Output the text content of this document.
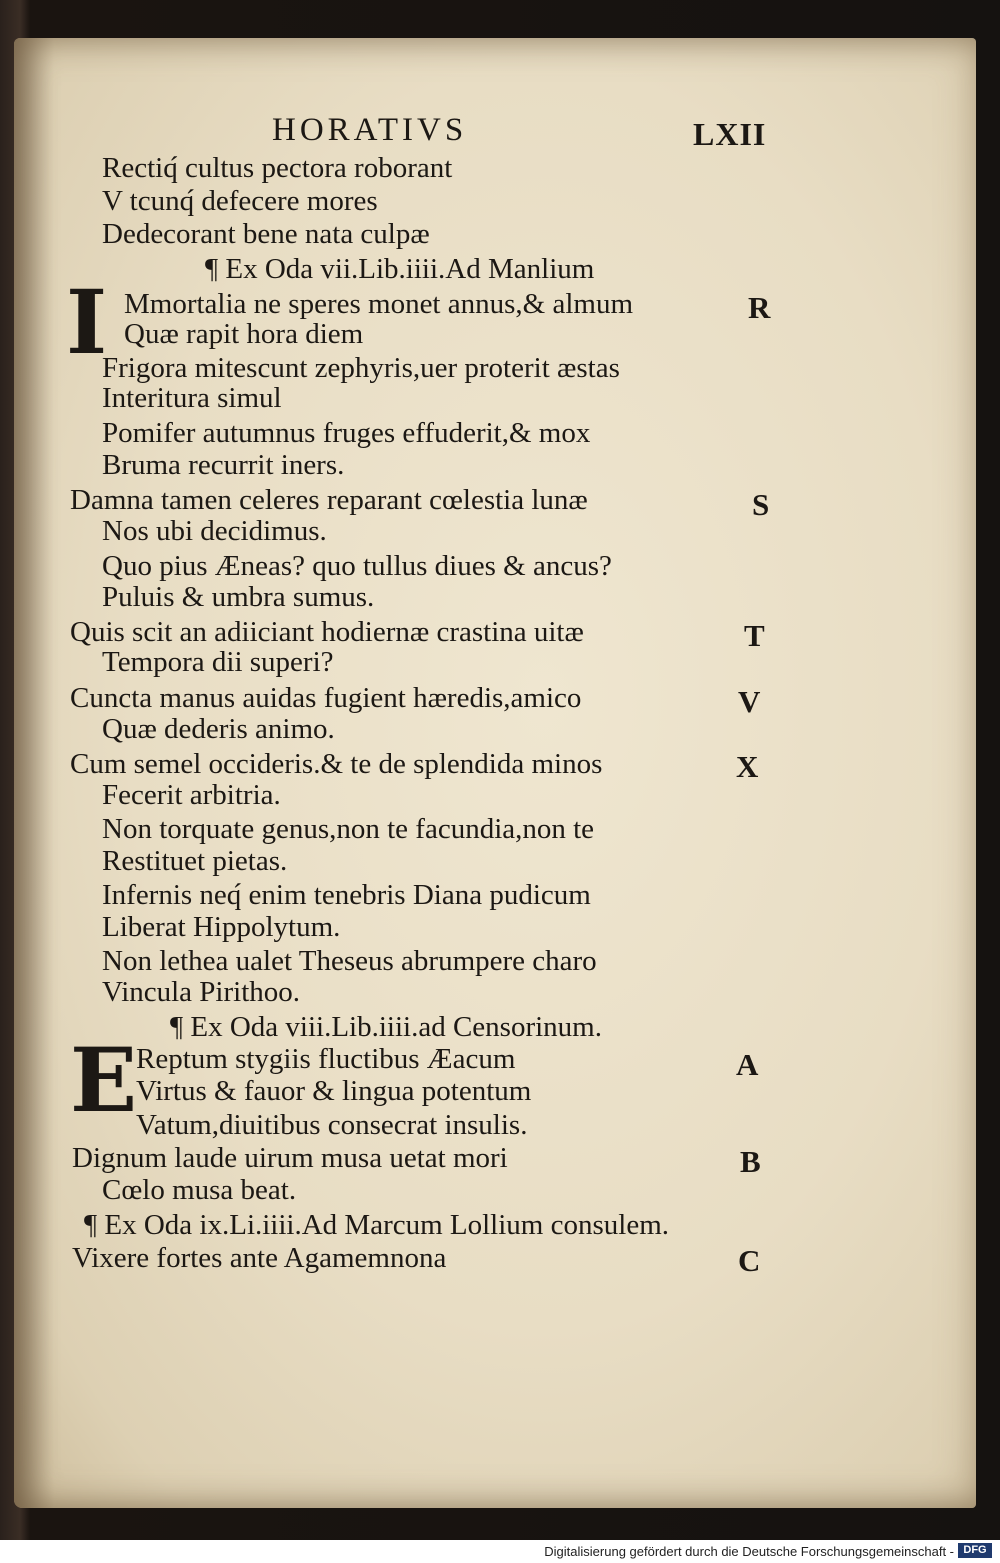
HORATIVS	LXII
Rectiq́ cultus pectora roborant
V tcunq́ defecere mores
Dedecorant bene nata culpæ
¶ Ex Oda vii.Lib.iiii.Ad Manlium
I Mmortalia ne speres monet annus,& almum
Quæ rapit hora diem
Frigora mitescunt zephyris,uer proterit æstas
Interitura simul
Pomifer autumnus fruges effuderit,& mox
Bruma recurrit iners.
Damna tamen celeres reparant cœlestia lunæ
Nos ubi decidimus.
Quo pius Æneas? quo tullus diues & ancus?
Puluis & umbra sumus.
Quis scit an adiiciant hodiernæ crastina uitæ
Tempora dii superi?
Cuncta manus auidas fugient hæredis,amico
Quæ dederis animo.
Cum semel occideris.& te de splendida minos
Fecerit arbitria.
Non torquate genus,non te facundia,non te
Restituet pietas.
Infernis neq́ enim tenebris Diana pudicum
Liberat Hippolytum.
Non lethea ualet Theseus abrumpere charo
Vincula Pirithoo.
¶ Ex Oda viii.Lib.iiii.ad Censorinum.
E
Reptum stygiis fluctibus Æacum
Virtus & fauor & lingua potentum
Vatum,diuitibus consecrat insulis.
Dignum laude uirum musa uetat mori
Cœlo musa beat.
¶ Ex Oda ix.Li.iiii.Ad Marcum Lollium consulem.
Vixere fortes ante Agamemnona
R
S
T
V
X
A
B
C
Digitalisierung gefördert durch die Deutsche Forschungsgemeinschaft - DFG
